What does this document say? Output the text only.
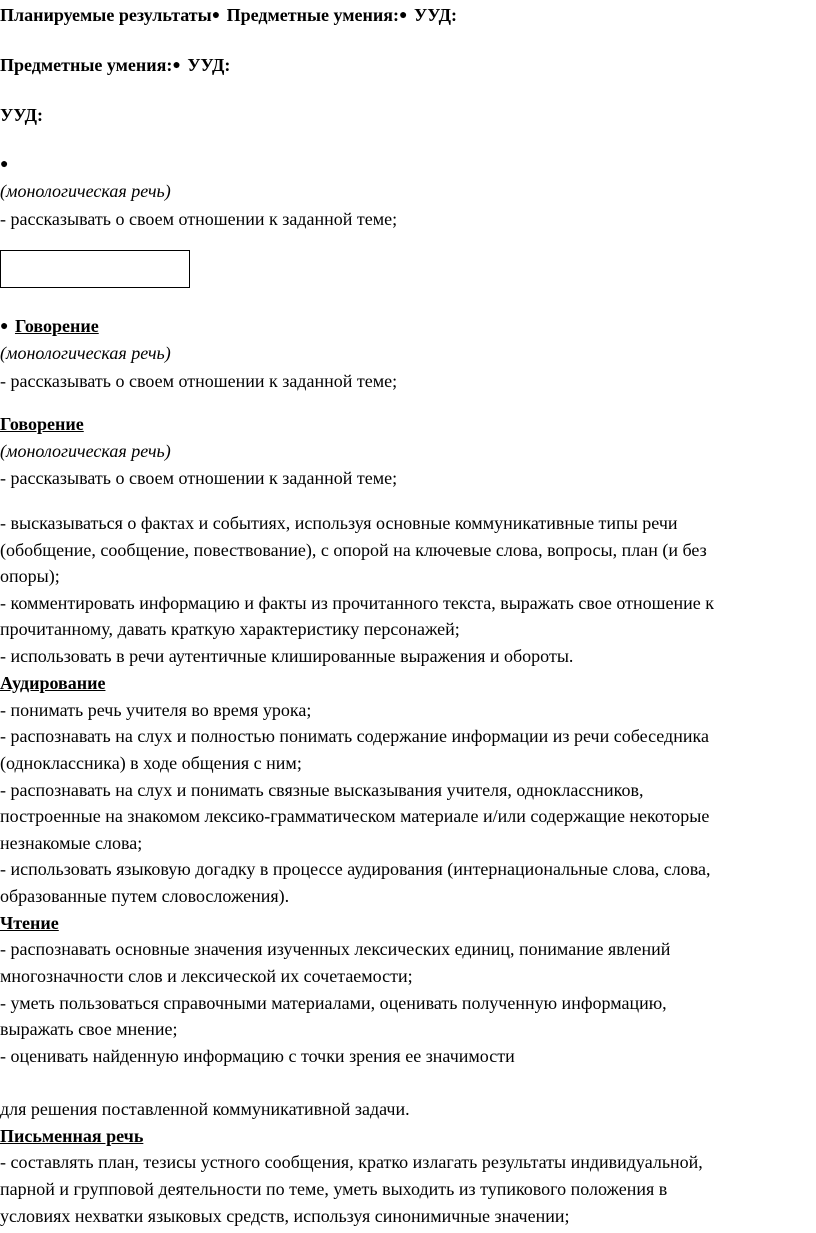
Планируемые результаты● Предметные умения:● УУД:
Предметные умения:● УУД:
УУД:
●
(монологическая речь)
- рассказывать о своем отношении к заданной теме;
● Говорение
(монологическая речь)
- рассказывать о своем отношении к заданной теме;
Говорение
(монологическая речь)
- рассказывать о своем отношении к заданной теме;
- высказываться о фактах и событиях, используя основные коммуникативные типы речи
(обобщение, сообщение, повествование), с опорой на ключевые слова, вопросы, план (и без
опоры);
- комментировать информацию и факты из прочитанного текста, выражать свое отношение к
прочитанному, давать краткую характеристику персонажей;
- использовать в речи аутентичные клишированные выражения и обороты.
Аудирование
- понимать речь учителя во время урока;
- распознавать на слух и полностью понимать содержание информации из речи собеседника
(одноклассника) в ходе общения с ним;
- распознавать на слух и понимать связные высказывания учителя, одноклассников,
построенные на знакомом лексико-грамматическом материале и/или содержащие некоторые
незнакомые слова;
- использовать языковую догадку в процессе аудирования (интернациональные слова, слова,
образованные путем словосложения).
Чтение
- распознавать основные значения изученных лексических единиц, понимание явлений
многозначности слов и лексической их сочетаемости;
- уметь пользоваться справочными материалами, оценивать полученную информацию,
выражать свое мнение;
- оценивать найденную информацию с точки зрения ее значимости
для решения поставленной коммуникативной задачи.
Письменная речь
- составлять план, тезисы устного сообщения, кратко излагать результаты индивидуальной,
парной и групповой деятельности по теме, уметь выходить из тупикового положения в
условиях нехватки языковых средств, используя синонимичные значении;
